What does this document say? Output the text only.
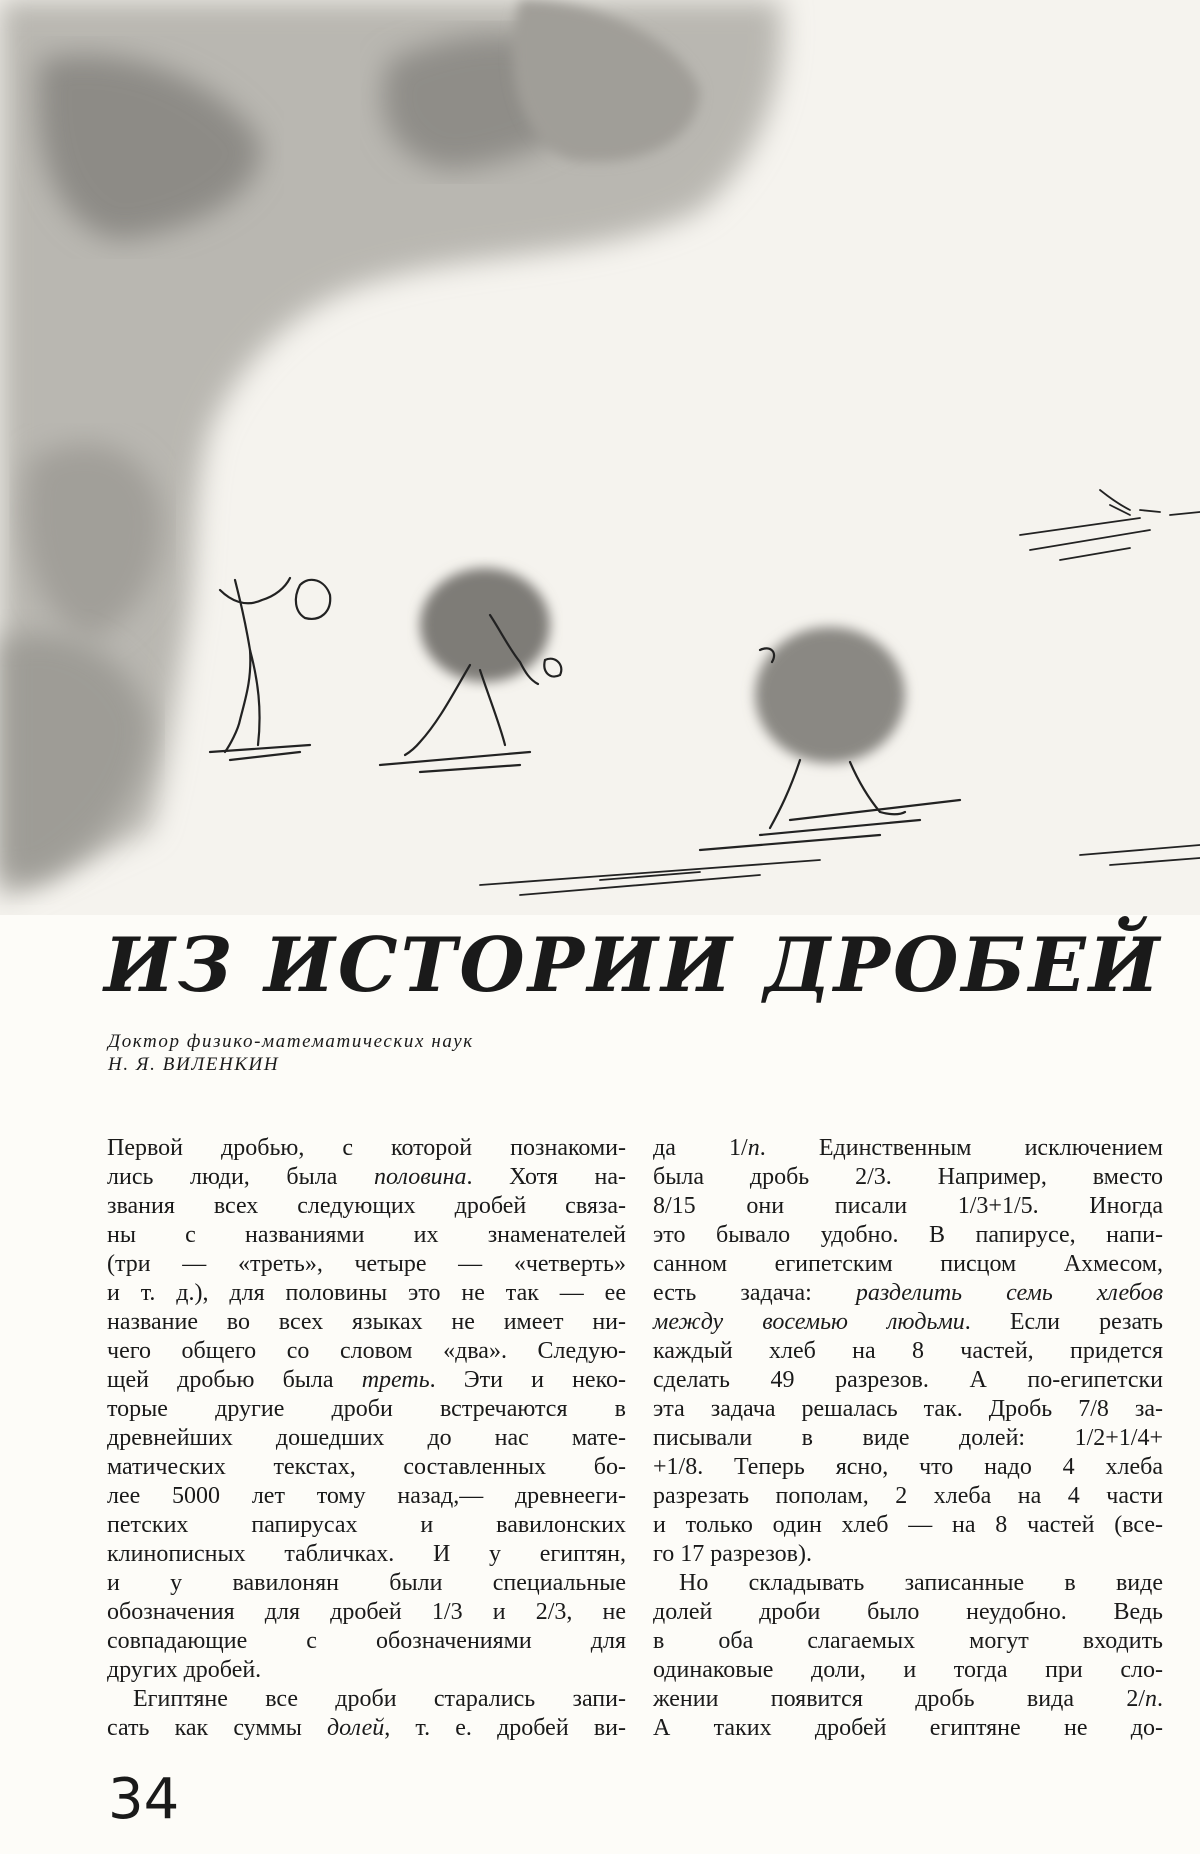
ИЗ ИСТОРИИ ДРОБЕЙ
Доктор физико-математических наук
Н. Я. ВИЛЕНКИН
Первой дробью, с которой познакоми-
лись люди, была половина. Хотя на-
звания всех следующих дробей связа-
ны с названиями их знаменателей
(три — «треть», четыре — «четверть»
и т. д.), для половины это не так — ее
название во всех языках не имеет ни-
чего общего со словом «два». Следую-
щей дробью была треть. Эти и неко-
торые другие дроби встречаются в
древнейших дошедших до нас мате-
матических текстах, составленных бо-
лее 5000 лет тому назад,— древнееги-
петских папирусах и вавилонских
клинописных табличках. И у египтян,
и у вавилонян были специальные
обозначения для дробей 1/3 и 2/3, не
совпадающие с обозначениями для
других дробей.
Египтяне все дроби старались запи-
сать как суммы долей, т. е. дробей ви-
да 1/n. Единственным исключением
была дробь 2/3. Например, вместо
8/15 они писали 1/3+1/5. Иногда
это бывало удобно. В папирусе, напи-
санном египетским писцом Ахмесом,
есть задача: разделить семь хлебов
между восемью людьми. Если резать
каждый хлеб на 8 частей, придется
сделать 49 разрезов. А по-египетски
эта задача решалась так. Дробь 7/8 за-
писывали в виде долей: 1/2+1/4+
+1/8. Теперь ясно, что надо 4 хлеба
разрезать пополам, 2 хлеба на 4 части
и только один хлеб — на 8 частей (все-
го 17 разрезов).
Но складывать записанные в виде
долей дроби было неудобно. Ведь
в оба слагаемых могут входить
одинаковые доли, и тогда при сло-
жении появится дробь вида 2/n.
А таких дробей египтяне не до-
34
